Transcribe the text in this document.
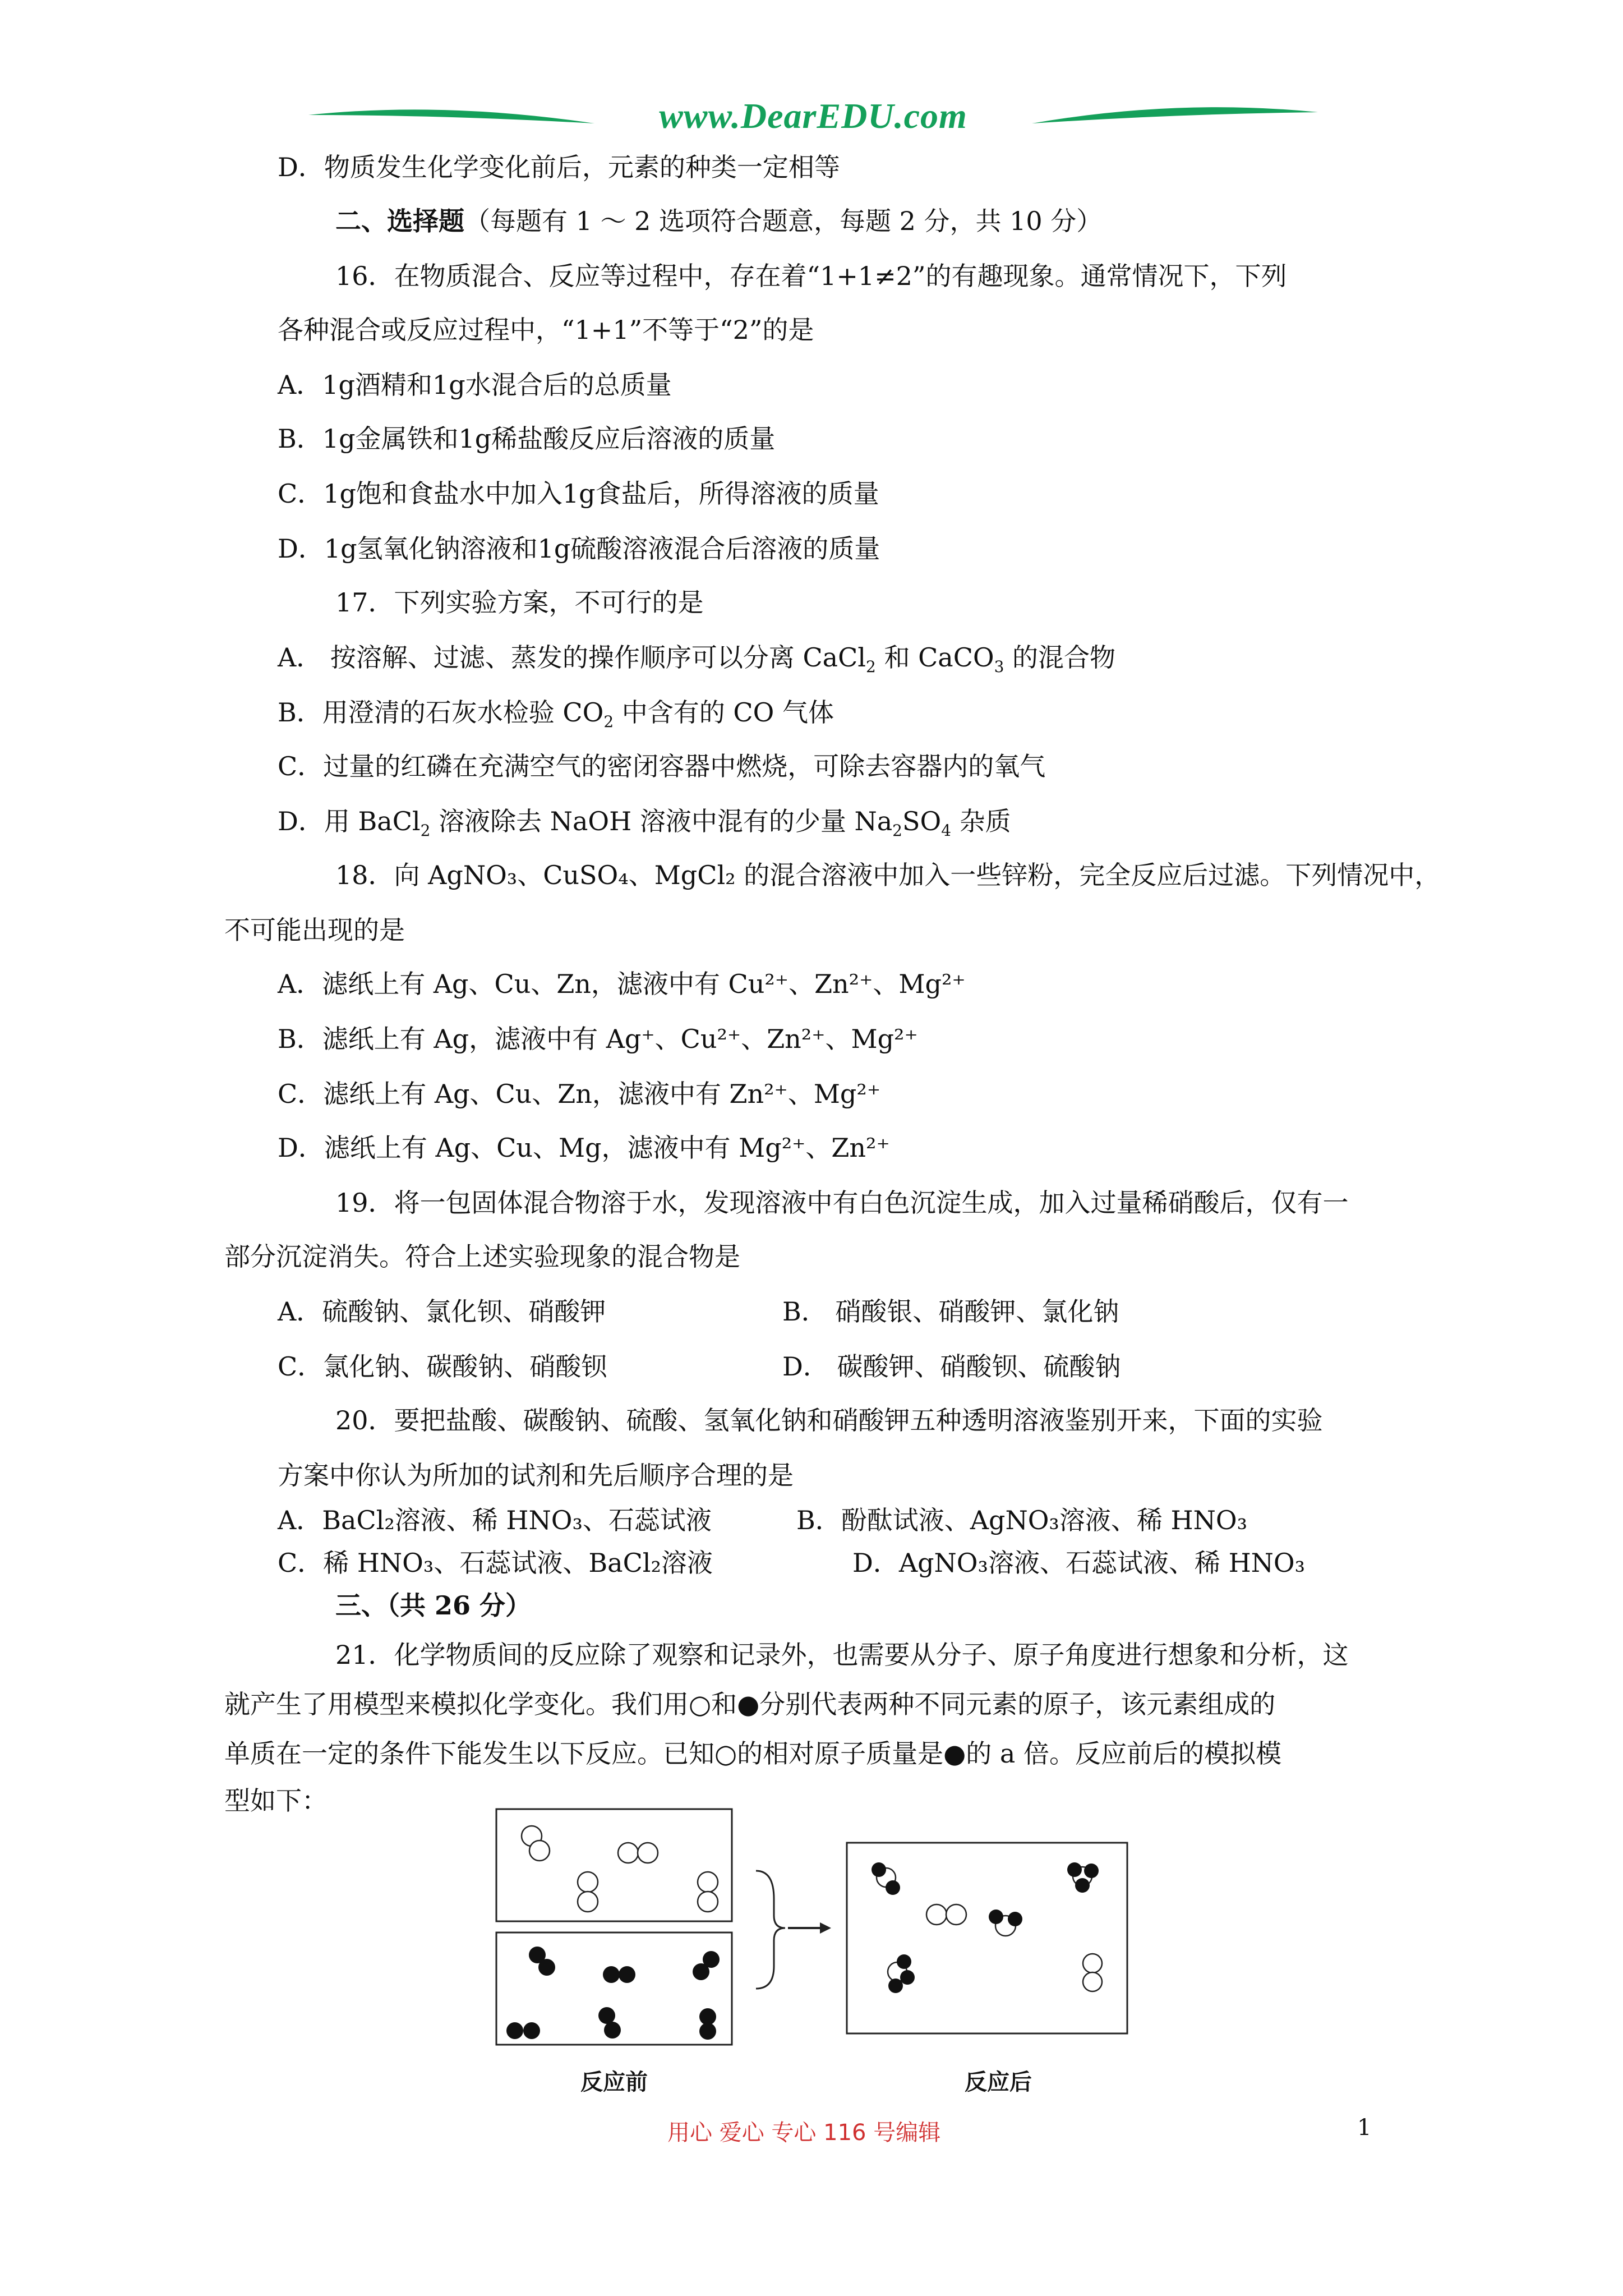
www.DearEDU.com
D．物质发生化学变化前后，元素的种类一定相等
二、选择题（每题有 1 ～ 2 选项符合题意，每题 2 分，共 10 分）
16．在物质混合、反应等过程中，存在着“1+1≠2”的有趣现象。通常情况下，下列
各种混合或反应过程中，“1+1”不等于“2”的是
A．1g酒精和1g水混合后的总质量
B．1g金属铁和1g稀盐酸反应后溶液的质量
C．1g饱和食盐水中加入1g食盐后，所得溶液的质量
D．1g氢氧化钠溶液和1g硫酸溶液混合后溶液的质量
17．下列实验方案，不可行的是
A． 按溶解、过滤、蒸发的操作顺序可以分离 CaCl$_2$ 和 CaCO$_3$ 的混合物
B．用澄清的石灰水检验 $CO_2$ 中含有的 CO 气体
C．过量的红磷在充满空气的密闭容器中燃烧，可除去容器内的氧气
D．用 BaCl$_2$ 溶液除去 NaOH 溶液中混有的少量 $Na_2SO_4$ 杂质
18．向 AgNO₃、CuSO₄、MgCl₂ 的混合溶液中加入一些锌粉，完全反应后过滤。下列情况中，
不可能出现的是
A．滤纸上有 Ag、Cu、Zn，滤液中有 Cu²⁺、Zn²⁺、Mg²⁺
B．滤纸上有 Ag，滤液中有 Ag⁺、Cu²⁺、Zn²⁺、Mg²⁺
C．滤纸上有 Ag、Cu、Zn，滤液中有 Zn²⁺、Mg²⁺
D．滤纸上有 Ag、Cu、Mg，滤液中有 Mg²⁺、Zn²⁺
19．将一包固体混合物溶于水，发现溶液中有白色沉淀生成，加入过量稀硝酸后，仅有一
部分沉淀消失。符合上述实验现象的混合物是
A．硫酸钠、氯化钡、硝酸钾	B． 硝酸银、硝酸钾、氯化钠
C．氯化钠、碳酸钠、硝酸钡	D． 碳酸钾、硝酸钡、硫酸钠
20．要把盐酸、碳酸钠、硫酸、氢氧化钠和硝酸钾五种透明溶液鉴别开来，下面的实验
方案中你认为所加的试剂和先后顺序合理的是
A．BaCl₂溶液、稀 HNO₃、石蕊试液	B．酚酞试液、AgNO₃溶液、稀 HNO₃
C．稀 HNO₃、石蕊试液、BaCl₂溶液	D．AgNO₃溶液、石蕊试液、稀 HNO₃
三、（共 26 分）
21．化学物质间的反应除了观察和记录外，也需要从分子、原子角度进行想象和分析，这
就产生了用模型来模拟化学变化。我们用○和●分别代表两种不同元素的原子，该元素组成的
单质在一定的条件下能发生以下反应。已知○的相对原子质量是●的 a 倍。反应前后的模拟模
型如下：
反应前	反应后
用心 爱心 专心 116 号编辑	1
